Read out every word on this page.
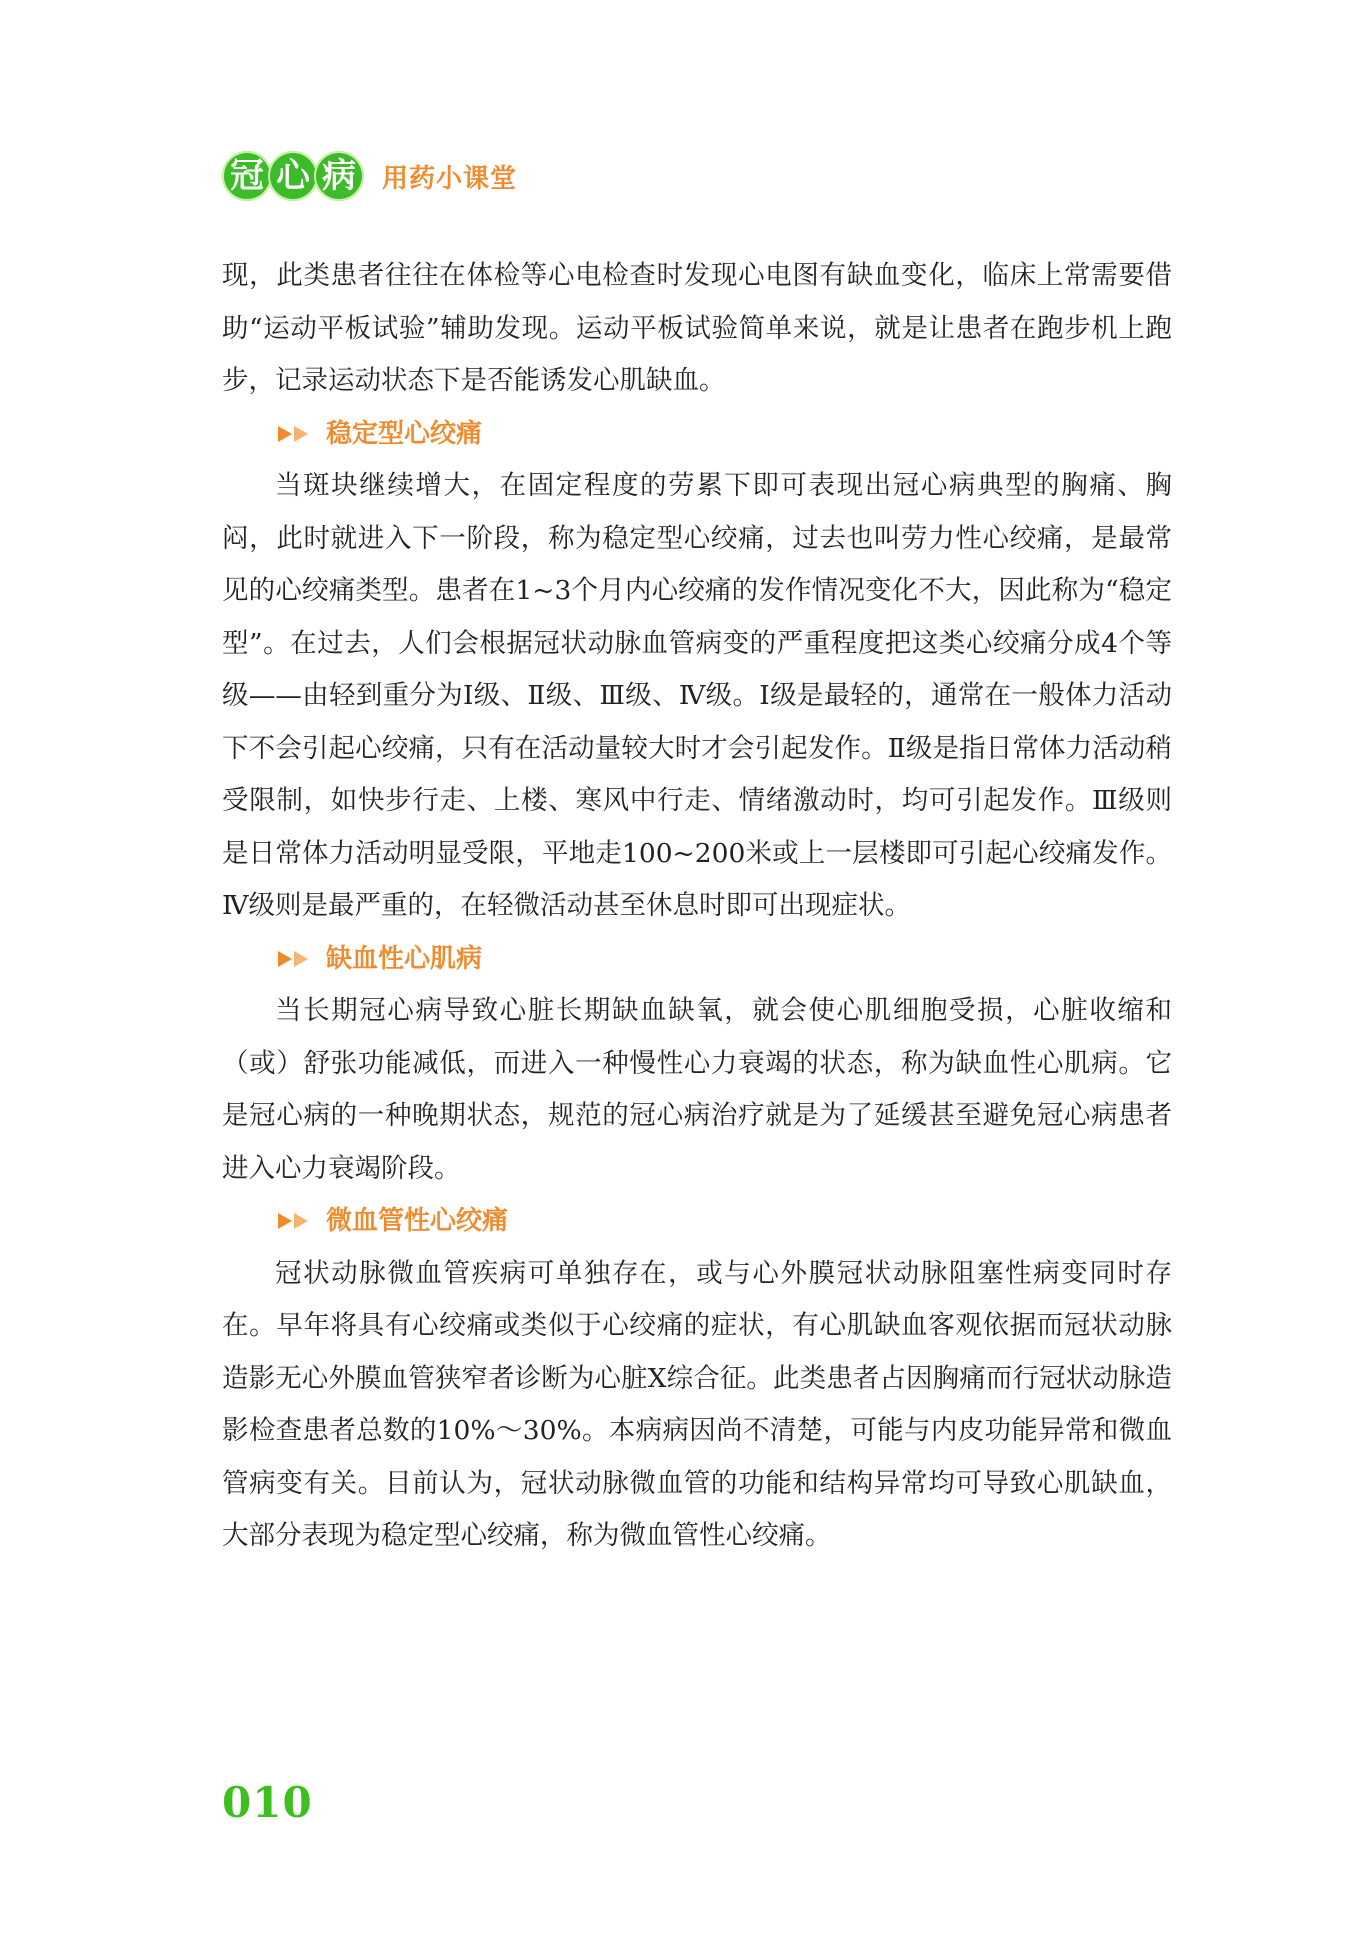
冠 心 病	用药小课堂

现，此类患者往往在体检等心电检查时发现心电图有缺血变化，临床上常需要借助“运动平板试验”辅助发现。运动平板试验简单来说，就是让患者在跑步机上跑步，记录运动状态下是否能诱发心肌缺血。

稳定型心绞痛

当斑块继续增大，在固定程度的劳累下即可表现出冠心病典型的胸痛、胸闷，此时就进入下一阶段，称为稳定型心绞痛，过去也叫劳力性心绞痛，是最常见的心绞痛类型。患者在1~3个月内心绞痛的发作情况变化不大，因此称为“稳定型”。在过去，人们会根据冠状动脉血管病变的严重程度把这类心绞痛分成4个等级——由轻到重分为Ⅰ级、Ⅱ级、Ⅲ级、Ⅳ级。Ⅰ级是最轻的，通常在一般体力活动下不会引起心绞痛，只有在活动量较大时才会引起发作。Ⅱ级是指日常体力活动稍受限制，如快步行走、上楼、寒风中行走、情绪激动时，均可引起发作。Ⅲ级则是日常体力活动明显受限，平地走100~200米或上一层楼即可引起心绞痛发作。Ⅳ级则是最严重的，在轻微活动甚至休息时即可出现症状。

缺血性心肌病

当长期冠心病导致心脏长期缺血缺氧，就会使心肌细胞受损，心脏收缩和（或）舒张功能减低，而进入一种慢性心力衰竭的状态，称为缺血性心肌病。它是冠心病的一种晚期状态，规范的冠心病治疗就是为了延缓甚至避免冠心病患者进入心力衰竭阶段。

微血管性心绞痛

冠状动脉微血管疾病可单独存在，或与心外膜冠状动脉阻塞性病变同时存在。早年将具有心绞痛或类似于心绞痛的症状，有心肌缺血客观依据而冠状动脉造影无心外膜血管狭窄者诊断为心脏X综合征。此类患者占因胸痛而行冠状动脉造影检查患者总数的10%～30%。本病病因尚不清楚，可能与内皮功能异常和微血管病变有关。目前认为，冠状动脉微血管的功能和结构异常均可导致心肌缺血，大部分表现为稳定型心绞痛，称为微血管性心绞痛。

010
